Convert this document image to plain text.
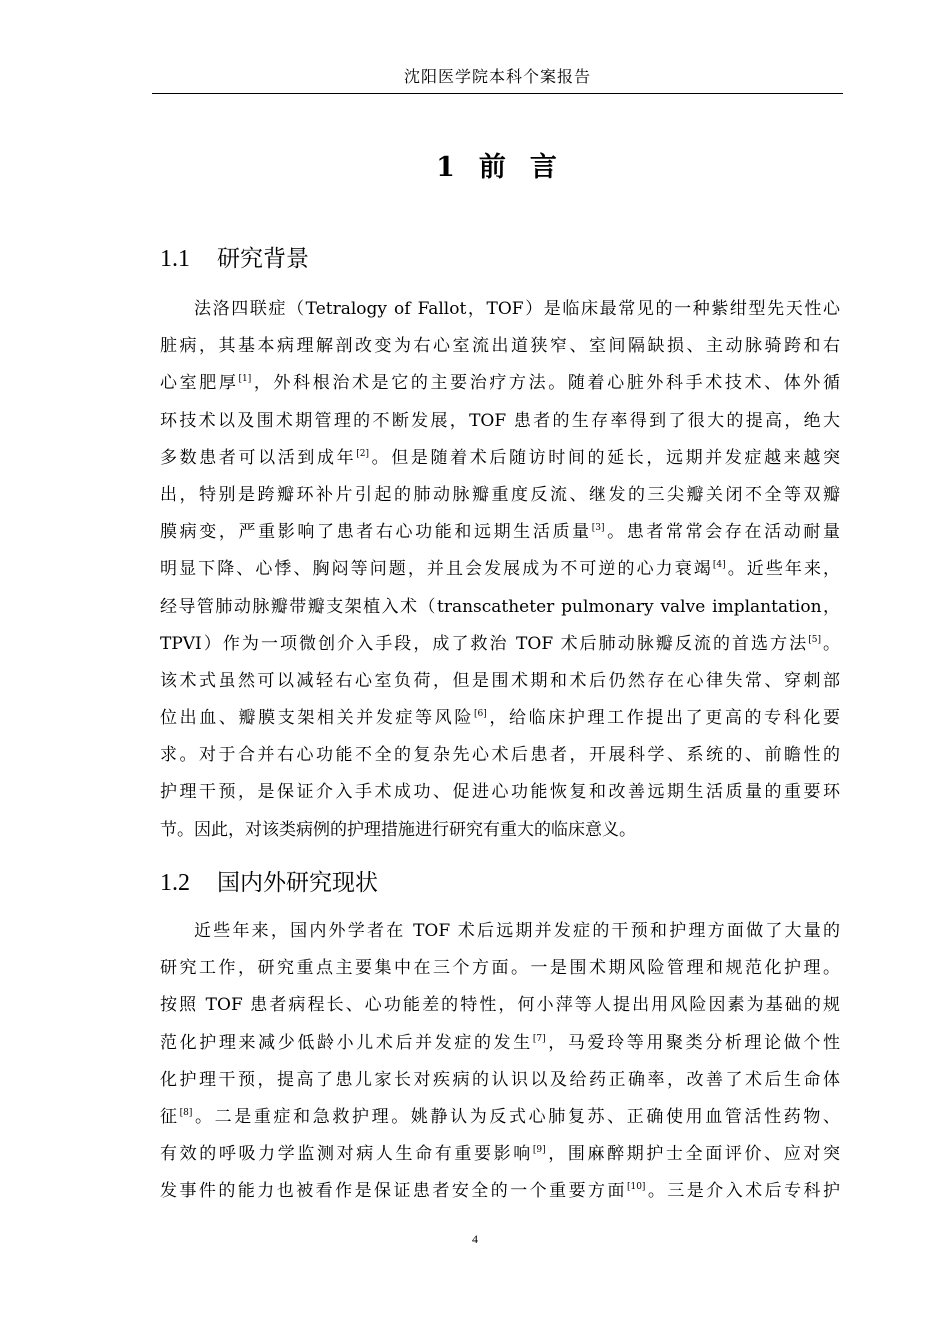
沈阳医学院本科个案报告
1 前 言
1.1 研究背景
法洛四联症（Tetralogy of Fallot，TOF）是临床最常见的一种紫绀型先天性心
脏病，其基本病理解剖改变为右心室流出道狭窄、室间隔缺损、主动脉骑跨和右
心室肥厚[1]，外科根治术是它的主要治疗方法。随着心脏外科手术技术、体外循
环技术以及围术期管理的不断发展，TOF 患者的生存率得到了很大的提高，绝大
多数患者可以活到成年[2]。但是随着术后随访时间的延长，远期并发症越来越突
出，特别是跨瓣环补片引起的肺动脉瓣重度反流、继发的三尖瓣关闭不全等双瓣
膜病变，严重影响了患者右心功能和远期生活质量[3]。患者常常会存在活动耐量
明显下降、心悸、胸闷等问题，并且会发展成为不可逆的心力衰竭[4]。近些年来，
经导管肺动脉瓣带瓣支架植入术（transcatheter pulmonary valve implantation，
TPVI）作为一项微创介入手段，成了救治 TOF 术后肺动脉瓣反流的首选方法[5]。
该术式虽然可以减轻右心室负荷，但是围术期和术后仍然存在心律失常、穿刺部
位出血、瓣膜支架相关并发症等风险[6]，给临床护理工作提出了更高的专科化要
求。对于合并右心功能不全的复杂先心术后患者，开展科学、系统的、前瞻性的
护理干预，是保证介入手术成功、促进心功能恢复和改善远期生活质量的重要环
节。因此，对该类病例的护理措施进行研究有重大的临床意义。
1.2 国内外研究现状
近些年来，国内外学者在 TOF 术后远期并发症的干预和护理方面做了大量的
研究工作，研究重点主要集中在三个方面。一是围术期风险管理和规范化护理。
按照 TOF 患者病程长、心功能差的特性，何小萍等人提出用风险因素为基础的规
范化护理来减少低龄小儿术后并发症的发生[7]，马爱玲等用聚类分析理论做个性
化护理干预，提高了患儿家长对疾病的认识以及给药正确率，改善了术后生命体
征[8]。二是重症和急救护理。姚静认为反式心肺复苏、正确使用血管活性药物、
有效的呼吸力学监测对病人生命有重要影响[9]，围麻醉期护士全面评价、应对突
发事件的能力也被看作是保证患者安全的一个重要方面[10]。三是介入术后专科护
4
